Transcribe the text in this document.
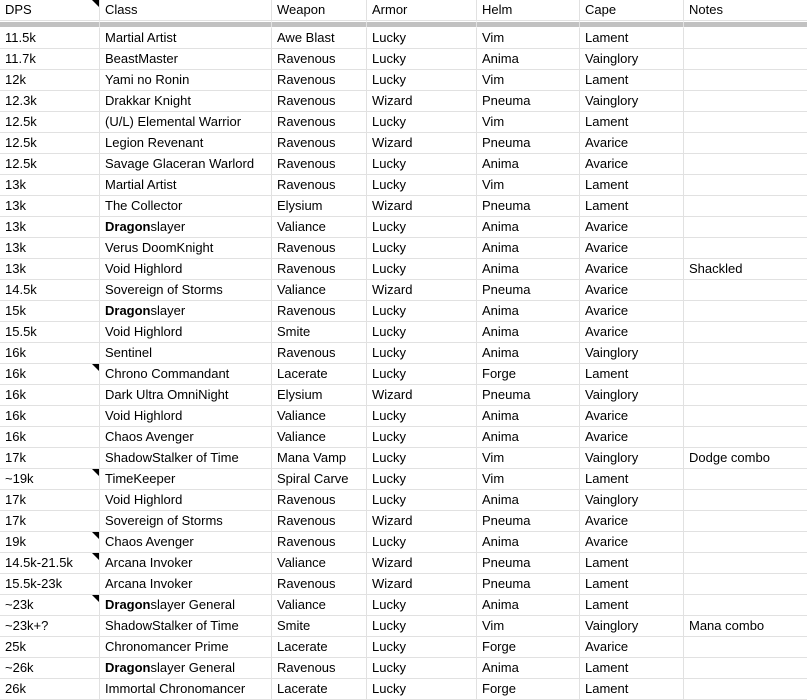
DPS	Class	Weapon	Armor	Helm	Cape	Notes
11.5k	Martial Artist	Awe Blast	Lucky	Vim	Lament
11.7k	BeastMaster	Ravenous	Lucky	Anima	Vainglory
12k	Yami no Ronin	Ravenous	Lucky	Vim	Lament
12.3k	Drakkar Knight	Ravenous	Wizard	Pneuma	Vainglory
12.5k	(U/L) Elemental Warrior	Ravenous	Lucky	Vim	Lament
12.5k	Legion Revenant	Ravenous	Wizard	Pneuma	Avarice
12.5k	Savage Glaceran Warlord	Ravenous	Lucky	Anima	Avarice
13k	Martial Artist	Ravenous	Lucky	Vim	Lament
13k	The Collector	Elysium	Wizard	Pneuma	Lament
13k	Dragonslayer	Valiance	Lucky	Anima	Avarice
13k	Verus DoomKnight	Ravenous	Lucky	Anima	Avarice
13k	Void Highlord	Ravenous	Lucky	Anima	Avarice	Shackled
14.5k	Sovereign of Storms	Valiance	Wizard	Pneuma	Avarice
15k	Dragonslayer	Ravenous	Lucky	Anima	Avarice
15.5k	Void Highlord	Smite	Lucky	Anima	Avarice
16k	Sentinel	Ravenous	Lucky	Anima	Vainglory
16k	Chrono Commandant	Lacerate	Lucky	Forge	Lament
16k	Dark Ultra OmniNight	Elysium	Wizard	Pneuma	Vainglory
16k	Void Highlord	Valiance	Lucky	Anima	Avarice
16k	Chaos Avenger	Valiance	Lucky	Anima	Avarice
17k	ShadowStalker of Time	Mana Vamp	Lucky	Vim	Vainglory	Dodge combo
~19k	TimeKeeper	Spiral Carve	Lucky	Vim	Lament
17k	Void Highlord	Ravenous	Lucky	Anima	Vainglory
17k	Sovereign of Storms	Ravenous	Wizard	Pneuma	Avarice
19k	Chaos Avenger	Ravenous	Lucky	Anima	Avarice
14.5k-21.5k	Arcana Invoker	Valiance	Wizard	Pneuma	Lament
15.5k-23k	Arcana Invoker	Ravenous	Wizard	Pneuma	Lament
~23k	Dragonslayer General	Valiance	Lucky	Anima	Lament
~23k+?	ShadowStalker of Time	Smite	Lucky	Vim	Vainglory	Mana combo
25k	Chronomancer Prime	Lacerate	Lucky	Forge	Avarice
~26k	Dragonslayer General	Ravenous	Lucky	Anima	Lament
26k	Immortal Chronomancer	Lacerate	Lucky	Forge	Lament
